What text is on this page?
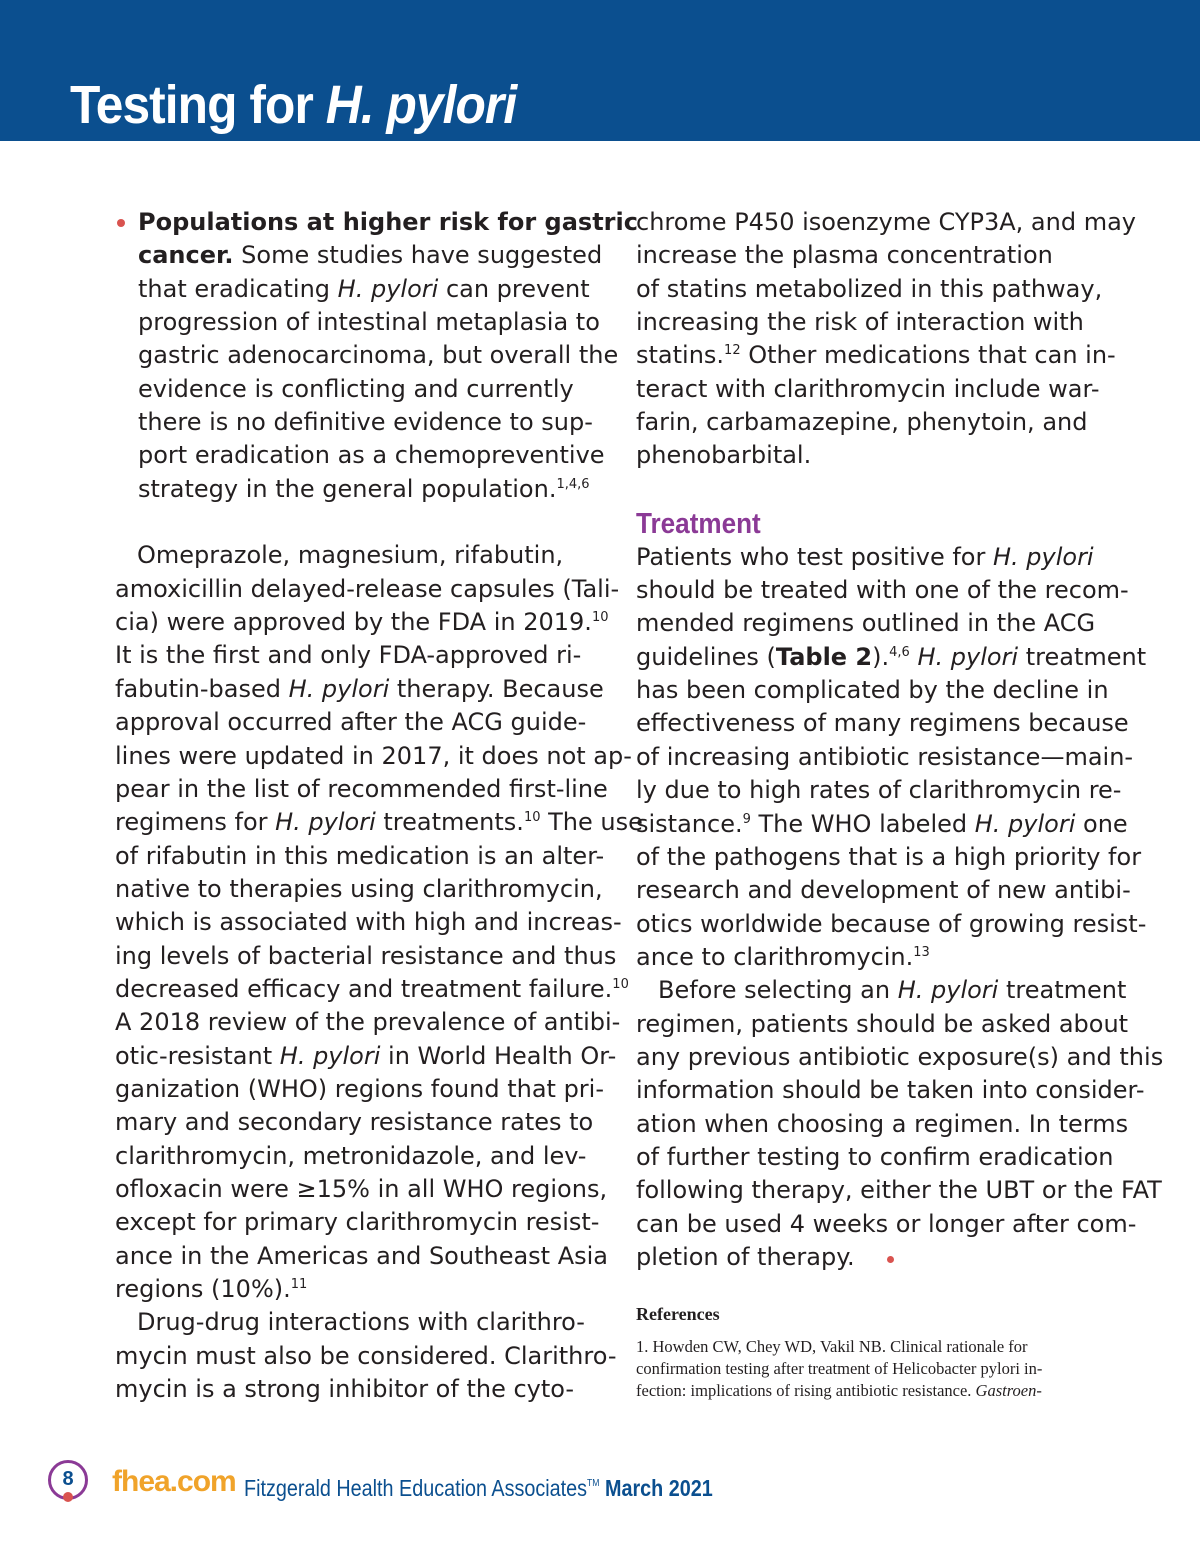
Testing for H. pylori
Populations at higher risk for gastric
cancer. Some studies have suggested
that eradicating H. pylori can prevent
progression of intestinal metaplasia to
gastric adenocarcinoma, but overall the
evidence is conflicting and currently
there is no definitive evidence to sup-
port eradication as a chemopreventive
strategy in the general population.$^{1,4,6}$
Omeprazole, magnesium, rifabutin,
amoxicillin delayed-release capsules (Tali-
cia) were approved by the FDA in 2019.10
It is the first and only FDA-approved ri-
fabutin-based H. pylori therapy. Because
approval occurred after the ACG guide-
lines were updated in 2017, it does not ap-
pear in the list of recommended first-line
regimens for H. pylori treatments.$^{10}$ The use
of rifabutin in this medication is an alter-
native to therapies using clarithromycin,
which is associated with high and increas-
ing levels of bacterial resistance and thus
decreased efficacy and treatment failure.$^{10}$
A 2018 review of the prevalence of antibi-
otic-resistant H. pylori in World Health Or-
ganization (WHO) regions found that pri-
mary and secondary resistance rates to
clarithromycin, metronidazole, and lev-
ofloxacin were ≥15% in all WHO regions,
except for primary clarithromycin resist-
ance in the Americas and Southeast Asia
regions (10%).$^{11}$
Drug-drug interactions with clarithro-
mycin must also be considered. Clarithro-
mycin is a strong inhibitor of the cyto-
chrome P450 isoenzyme CYP3A, and may
increase the plasma concentration
of statins metabolized in this pathway,
increasing the risk of interaction with
statins.$^{12}$ Other medications that can in-
teract with clarithromycin include war-
farin, carbamazepine, phenytoin, and
phenobarbital.
Treatment
Patients who test positive for H. pylori
should be treated with one of the recom-
mended regimens outlined in the ACG
guidelines (Table 2).$^{4,6}$ H. pylori treatment
has been complicated by the decline in
effectiveness of many regimens because
of increasing antibiotic resistance—main-
ly due to high rates of clarithromycin re-
sistance.$^9$ The WHO labeled H. pylori one
of the pathogens that is a high priority for
research and development of new antibi-
otics worldwide because of growing resist-
ance to clarithromycin.$^{13}$
Before selecting an H. pylori treatment
regimen, patients should be asked about
any previous antibiotic exposure(s) and this
information should be taken into consider-
ation when choosing a regimen. In terms
of further testing to confirm eradication
following therapy, either the UBT or the FAT
can be used 4 weeks or longer after com-
pletion of therapy.
References
1. Howden CW, Chey WD, Vakil NB. Clinical rationale for
confirmation testing after treatment of Helicobacter pylori in-
fection: implications of rising antibiotic resistance. Gastroen-
8	fhea.com Fitzgerald Health Education Associates™ March 2021
